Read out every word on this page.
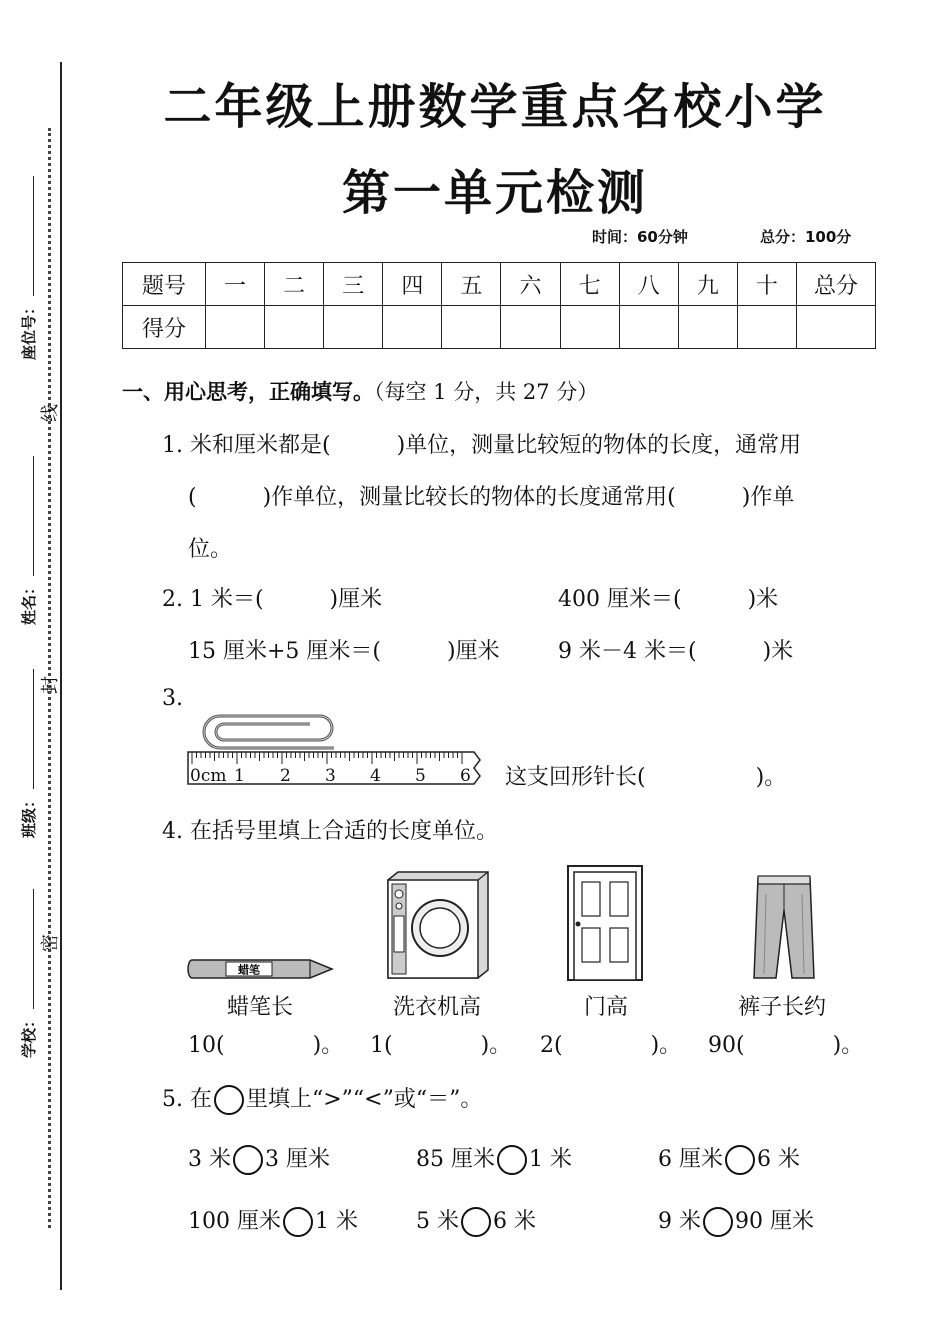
座位号：
姓名：
班级：
学校：
线
封
密
二年级上册数学重点名校小学
第一单元检测
时间：60分钟	总分：100分
题号	一	二	三	四	五	六	七	八	九	十	总分
得分											
一、用心思考，正确填写。（每空 1 分，共 27 分）
1. 米和厘米都是(　　　)单位，测量比较短的物体的长度，通常用
(　　　)作单位，测量比较长的物体的长度通常用(　　　)作单
位。
2. 1 米＝(　　　)厘米	400 厘米＝(　　　)米
15 厘米+5 厘米＝(　　　)厘米	9 米－4 米＝(　　　)米
3.
0cm 1 2 3 4 5 6 这支回形针长(　　　　　)。
4. 在括号里填上合适的长度单位。
蜡笔
蜡笔长	洗衣机高	门高	裤子长约
10(　　　　)。 1(　　　　)。 2(　　　　)。 90(　　　　)。
5. 在 里填上“>”“<”或“＝”。
3 米 3 厘米	85 厘米 1 米	6 厘米 6 米
100 厘米 1 米	5 米 6 米	9 米 90 厘米
